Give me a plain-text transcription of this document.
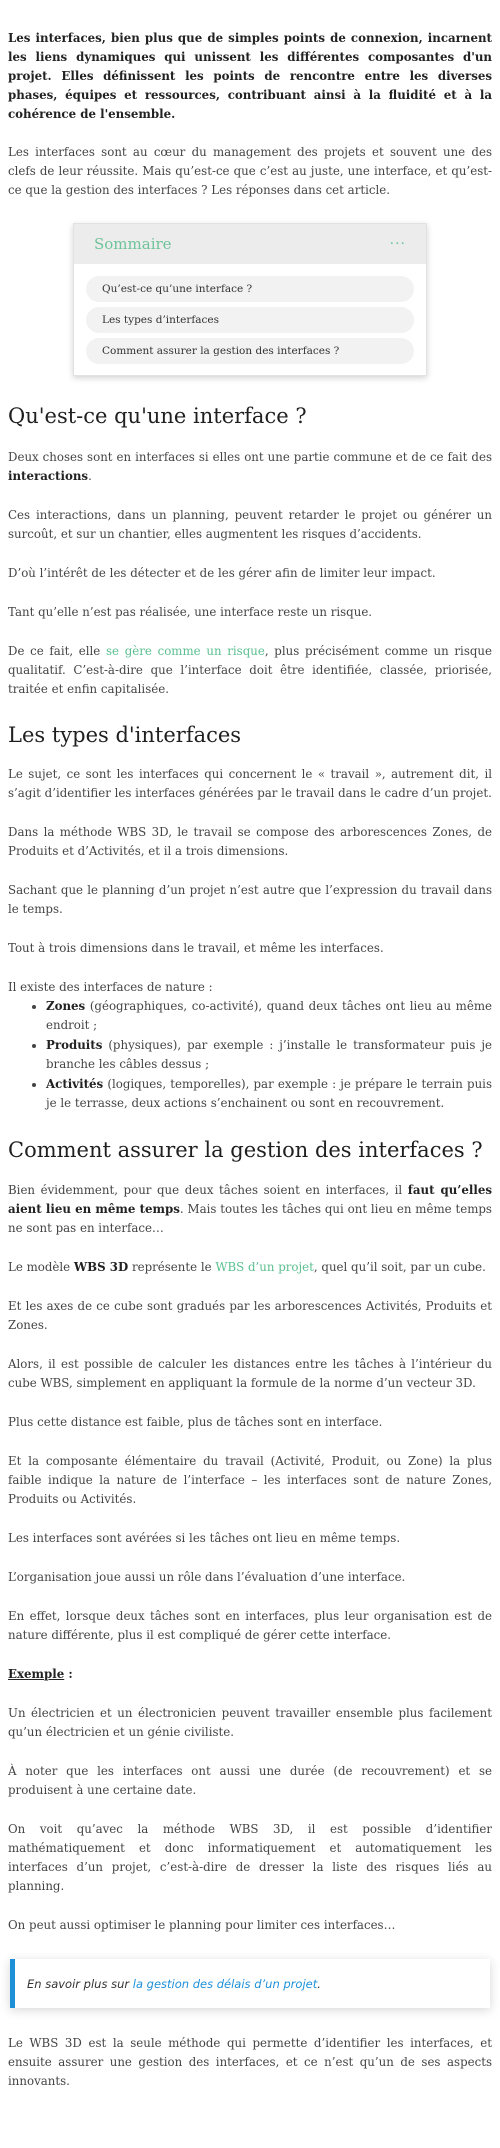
Les interfaces, bien plus que de simples points de connexion, incarnent les liens dynamiques qui unissent les différentes composantes d'un projet. Elles définissent les points de rencontre entre les diverses phases, équipes et ressources, contribuant ainsi à la fluidité et à la cohérence de l'ensemble.

Les interfaces sont au cœur du management des projets et souvent une des clefs de leur réussite. Mais qu’est-ce que c’est au juste, une interface, et qu’est-ce que la gestion des interfaces ? Les réponses dans cet article.

Sommaire	···
Qu’est-ce qu’une interface ?
Les types d’interfaces
Comment assurer la gestion des interfaces ?
Qu'est-ce qu'une interface ?

Deux choses sont en interfaces si elles ont une partie commune et de ce fait des interactions.

Ces interactions, dans un planning, peuvent retarder le projet ou générer un surcoût, et sur un chantier, elles augmentent les risques d’accidents.

D’où l’intérêt de les détecter et de les gérer afin de limiter leur impact.

Tant qu’elle n’est pas réalisée, une interface reste un risque.

De ce fait, elle se gère comme un risque, plus précisément comme un risque qualitatif. C’est-à-dire que l’interface doit être identifiée, classée, priorisée, traitée et enfin capitalisée.

Les types d'interfaces

Le sujet, ce sont les interfaces qui concernent le « travail », autrement dit, il s’agit d’identifier les interfaces générées par le travail dans le cadre d’un projet.

Dans la méthode WBS 3D, le travail se compose des arborescences Zones, de Produits et d’Activités, et il a trois dimensions.

Sachant que le planning d’un projet n’est autre que l’expression du travail dans le temps.

Tout à trois dimensions dans le travail, et même les interfaces.

Il existe des interfaces de nature :

• Zones (géographiques, co-activité), quand deux tâches ont lieu au même endroit ;
• Produits (physiques), par exemple : j’installe le transformateur puis je branche les câbles dessus ;
• Activités (logiques, temporelles), par exemple : je prépare le terrain puis je le terrasse, deux actions s’enchainent ou sont en recouvrement.
Comment assurer la gestion des interfaces ?

Bien évidemment, pour que deux tâches soient en interfaces, il faut qu’elles aient lieu en même temps. Mais toutes les tâches qui ont lieu en même temps ne sont pas en interface…

Le modèle WBS 3D représente le WBS d’un projet, quel qu’il soit, par un cube.

Et les axes de ce cube sont gradués par les arborescences Activités, Produits et Zones.

Alors, il est possible de calculer les distances entre les tâches à l’intérieur du cube WBS, simplement en appliquant la formule de la norme d’un vecteur 3D.

Plus cette distance est faible, plus de tâches sont en interface.

Et la composante élémentaire du travail (Activité, Produit, ou Zone) la plus faible indique la nature de l’interface – les interfaces sont de nature Zones, Produits ou Activités.

Les interfaces sont avérées si les tâches ont lieu en même temps.

L’organisation joue aussi un rôle dans l’évaluation d’une interface.

En effet, lorsque deux tâches sont en interfaces, plus leur organisation est de nature différente, plus il est compliqué de gérer cette interface.

Exemple :

Un électricien et un électronicien peuvent travailler ensemble plus facilement qu’un électricien et un génie civiliste.

À noter que les interfaces ont aussi une durée (de recouvrement) et se produisent à une certaine date.

On voit qu’avec la méthode WBS 3D, il est possible d’identifier mathématiquement et donc informatiquement et automatiquement les interfaces d’un projet, c’est-à-dire de dresser la liste des risques liés au planning.

On peut aussi optimiser le planning pour limiter ces interfaces…

En savoir plus sur la gestion des délais d’un projet.

Le WBS 3D est la seule méthode qui permette d’identifier les interfaces, et ensuite assurer une gestion des interfaces, et ce n’est qu’un de ses aspects innovants.
